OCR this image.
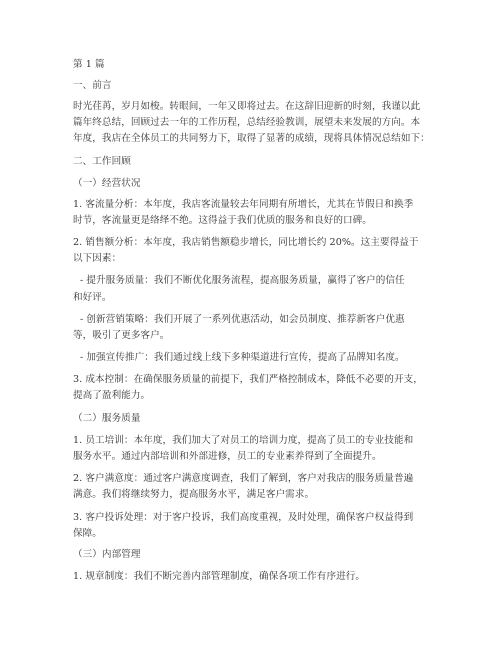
第 1 篇
一、前言
时光荏苒，岁月如梭。转眼间，一年又即将过去。在这辞旧迎新的时刻，我谨以此
篇年终总结，回顾过去一年的工作历程，总结经验教训，展望未来发展的方向。本
年度，我店在全体员工的共同努力下，取得了显著的成绩，现将具体情况总结如下：
二、工作回顾
（一）经营状况
1. 客流量分析：本年度，我店客流量较去年同期有所增长，尤其在节假日和换季
时节，客流量更是络绎不绝。这得益于我们优质的服务和良好的口碑。
2. 销售额分析：本年度，我店销售额稳步增长，同比增长约 20%。这主要得益于
以下因素：
- 提升服务质量：我们不断优化服务流程，提高服务质量，赢得了客户的信任
和好评。
- 创新营销策略：我们开展了一系列优惠活动，如会员制度、推荐新客户优惠
等，吸引了更多客户。
- 加强宣传推广：我们通过线上线下多种渠道进行宣传，提高了品牌知名度。
3. 成本控制：在确保服务质量的前提下，我们严格控制成本，降低不必要的开支，
提高了盈利能力。
（二）服务质量
1. 员工培训：本年度，我们加大了对员工的培训力度，提高了员工的专业技能和
服务水平。通过内部培训和外部进修，员工的专业素养得到了全面提升。
2. 客户满意度：通过客户满意度调查，我们了解到，客户对我店的服务质量普遍
满意。我们将继续努力，提高服务水平，满足客户需求。
3. 客户投诉处理：对于客户投诉，我们高度重视，及时处理，确保客户权益得到
保障。
（三）内部管理
1. 规章制度：我们不断完善内部管理制度，确保各项工作有序进行。
